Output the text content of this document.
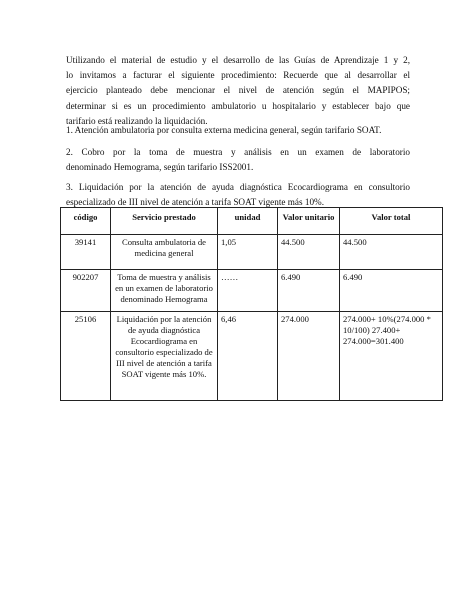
Utilizando el material de estudio y el desarrollo de las Guías de Aprendizaje 1 y 2,
lo invitamos a facturar el siguiente procedimiento: Recuerde que al desarrollar el
ejercicio planteado debe mencionar el nivel de atención según el MAPIPOS;
determinar si es un procedimiento ambulatorio u hospitalario y establecer bajo que
tarifario está realizando la liquidación.
1. Atención ambulatoria por consulta externa medicina general, según tarifario SOAT.
2. Cobro por la toma de muestra y análisis en un examen de laboratorio
denominado Hemograma, según tarifario ISS2001.
3. Liquidación por la atención de ayuda diagnóstica Ecocardiograma en consultorio
especializado de III nivel de atención a tarifa SOAT vigente más 10%.
código	Servicio prestado	unidad	Valor unitario	Valor total
39141	Consulta ambulatoria de medicina general	1,05	44.500	44.500
902207	Toma de muestra y análisis en un examen de laboratorio denominado Hemograma	……	6.490	6.490
25106	Liquidación por la atención de ayuda diagnóstica Ecocardiograma en consultorio especializado de III nivel de atención a tarifa SOAT vigente más 10%.	6,46	274.000	274.000+ 10%(274.000 * 10/100) 27.400+ 274.000=301.400
